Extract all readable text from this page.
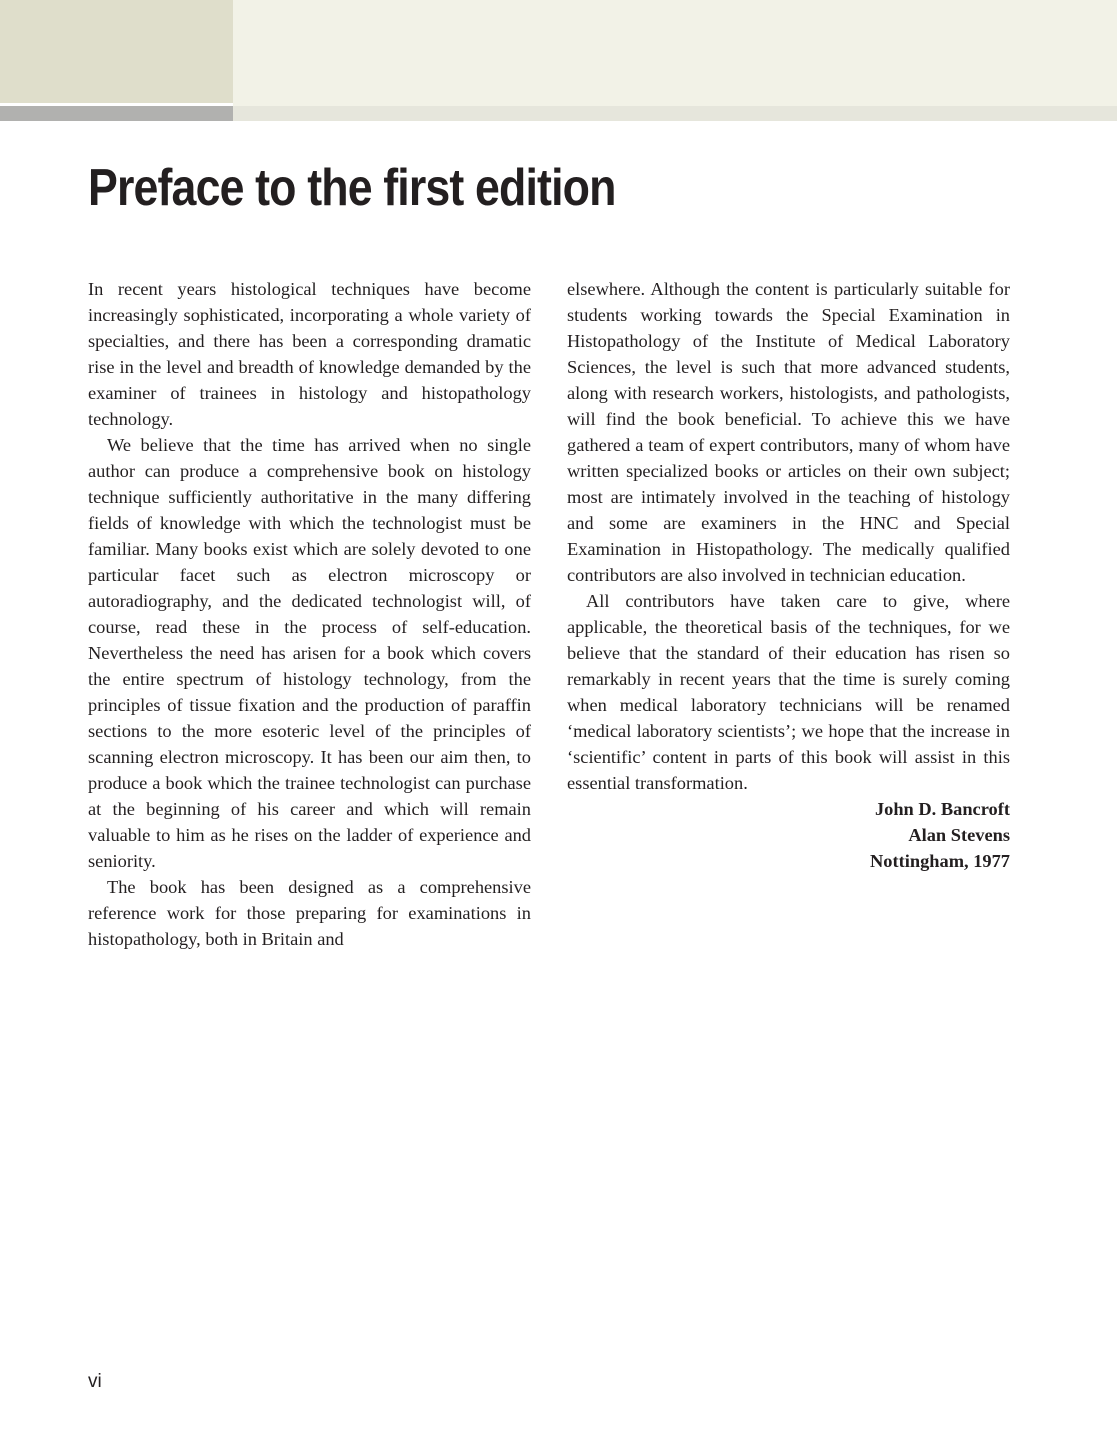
Preface to the first edition

In recent years histological techniques have become increasingly sophisticated, incorporating a whole variety of specialties, and there has been a corresponding dramatic rise in the level and breadth of knowledge demanded by the examiner of trainees in histology and histopathology technology.

We believe that the time has arrived when no single author can produce a comprehensive book on histology technique sufficiently authoritative in the many differing fields of knowledge with which the technologist must be familiar. Many books exist which are solely devoted to one particular facet such as electron microscopy or autoradiography, and the dedicated technologist will, of course, read these in the process of self-education. Nevertheless the need has arisen for a book which covers the entire spectrum of histology technology, from the principles of tissue fixation and the production of paraffin sections to the more esoteric level of the principles of scanning electron microscopy. It has been our aim then, to produce a book which the trainee technologist can purchase at the beginning of his career and which will remain valuable to him as he rises on the ladder of experience and seniority.

The book has been designed as a comprehensive reference work for those preparing for examinations in histopathology, both in Britain and

elsewhere. Although the content is particularly suitable for students working towards the Special Examination in Histopathology of the Institute of Medical Laboratory Sciences, the level is such that more advanced students, along with research workers, histologists, and pathologists, will find the book beneficial. To achieve this we have gathered a team of expert contributors, many of whom have written specialized books or articles on their own subject; most are intimately involved in the teaching of histology and some are examiners in the HNC and Special Examination in Histopathology. The medically qualified contributors are also involved in technician education.

All contributors have taken care to give, where applicable, the theoretical basis of the techniques, for we believe that the standard of their education has risen so remarkably in recent years that the time is surely coming when medical laboratory technicians will be renamed ‘medical laboratory scientists’; we hope that the increase in ‘scientific’ content in parts of this book will assist in this essential transformation.

John D. Bancroft
Alan Stevens
Nottingham, 1977
vi
